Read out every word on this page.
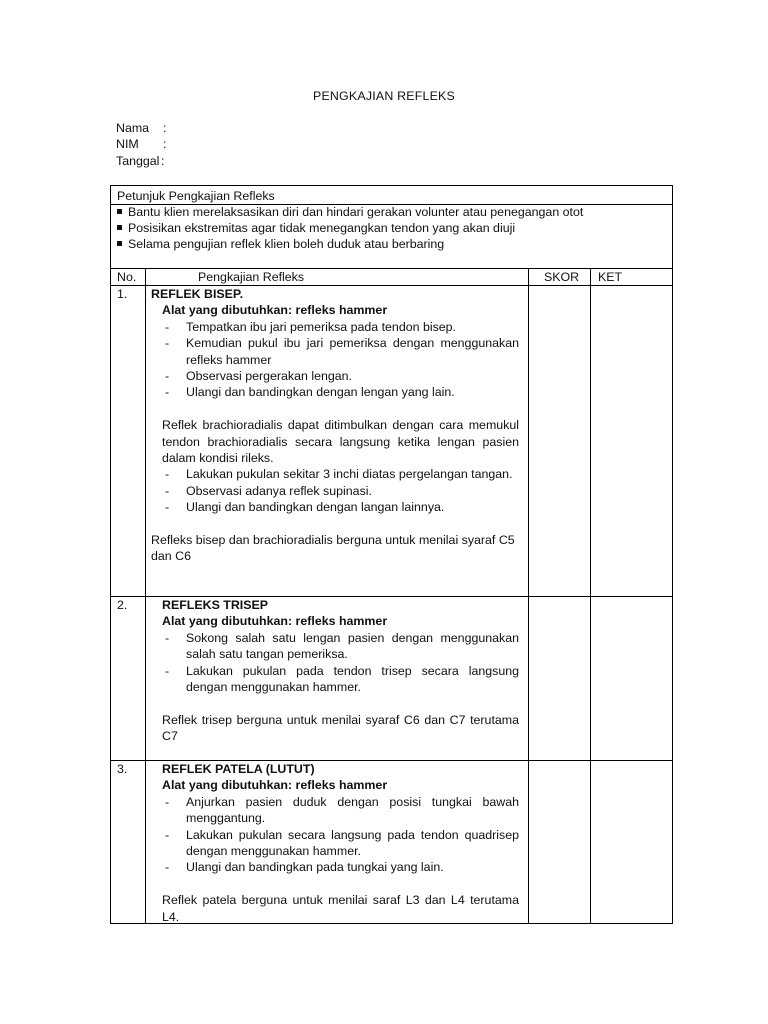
PENGKAJIAN REFLEKS
Nama :
NIM :
Tanggal :
Petunjuk Pengkajian Refleks
Bantu klien merelaksasikan diri dan hindari gerakan volunter atau penegangan otot
Posisikan ekstremitas agar tidak menegangkan tendon yang akan diuji
Selama pengujian reflek klien boleh duduk atau berbaring
No.	Pengkajian Refleks	SKOR KET
1. REFLEK BISEP.
Alat yang dibutuhkan: refleks hammer
- Tempatkan ibu jari pemeriksa pada tendon bisep.
- Kemudian pukul ibu jari pemeriksa dengan menggunakan refleks hammer
- Observasi pergerakan lengan.
- Ulangi dan bandingkan dengan lengan yang lain.
Reflek brachioradialis dapat ditimbulkan dengan cara memukul tendon brachioradialis secara langsung ketika lengan pasien dalam kondisi rileks.
- Lakukan pukulan sekitar 3 inchi diatas pergelangan tangan.
- Observasi adanya reflek supinasi.
- Ulangi dan bandingkan dengan langan lainnya.
Refleks bisep dan brachioradialis berguna untuk menilai syaraf C5 dan C6
2.	REFLEKS TRISEP
Alat yang dibutuhkan: refleks hammer
- Sokong salah satu lengan pasien dengan menggunakan salah satu tangan pemeriksa.
- Lakukan pukulan pada tendon trisep secara langsung dengan menggunakan hammer.
Reflek trisep berguna untuk menilai syaraf C6 dan C7 terutama C7
3.	REFLEK PATELA (LUTUT)
Alat yang dibutuhkan: refleks hammer
- Anjurkan pasien duduk dengan posisi tungkai bawah menggantung.
- Lakukan pukulan secara langsung pada tendon quadrisep dengan menggunakan hammer.
- Ulangi dan bandingkan pada tungkai yang lain.
Reflek patela berguna untuk menilai saraf L3 dan L4 terutama L4.
